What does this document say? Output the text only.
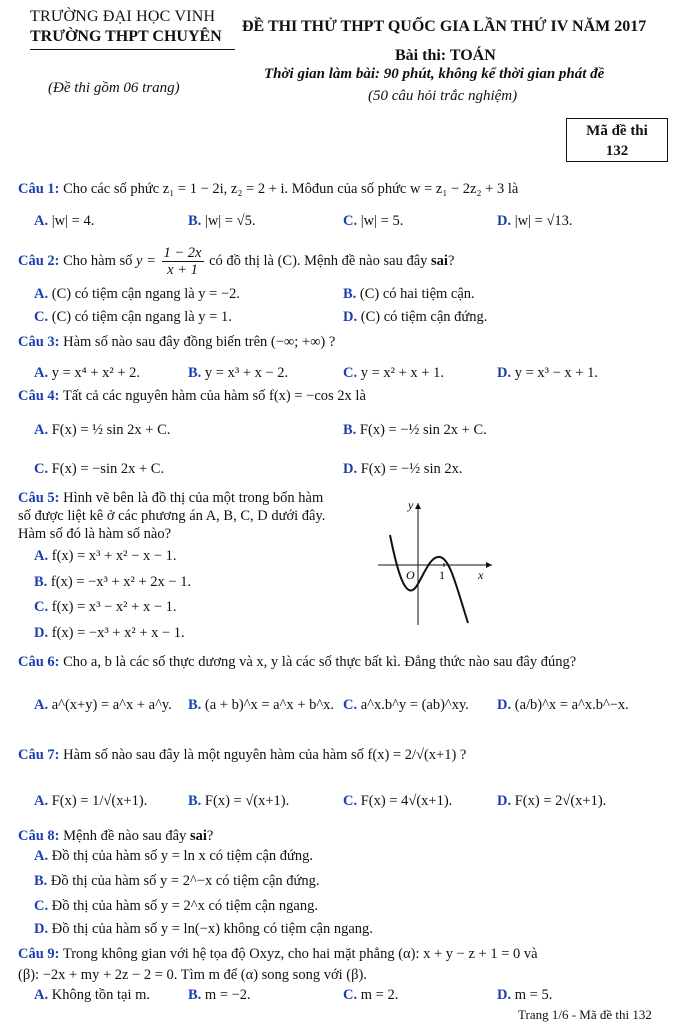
TRƯỜNG ĐẠI HỌC VINH
TRƯỜNG THPT CHUYÊN
(Đề thi gồm 06 trang)
ĐỀ THI THỬ THPT QUỐC GIA LẦN THỨ IV NĂM 2017
Bài thi: TOÁN
Thời gian làm bài: 90 phút, không kể thời gian phát đề
(50 câu hỏi trắc nghiệm)
Mã đề thi
132
Câu 1: Cho các số phức z₁ = 1 − 2i, z₂ = 2 + i. Môđun của số phức w = z₁ − 2z₂ + 3 là
A. |w| = 4.	B. |w| = √5.	C. |w| = 5.	D. |w| = √13.
Câu 2: Cho hàm số $y = \frac{1 - 2x}{x + 1}$ có đồ thị là (C). Mệnh đề nào sau đây sai?
A. (C) có tiệm cận ngang là y = −2.	B. (C) có hai tiệm cận.
C. (C) có tiệm cận ngang là y = 1.	D. (C) có tiệm cận đứng.
Câu 3: Hàm số nào sau đây đồng biến trên (−∞; +∞) ?
A. y = x⁴ + x² + 2.	B. y = x³ + x − 2.	C. y = x² + x + 1.	D. y = x³ − x + 1.
Câu 4: Tất cả các nguyên hàm của hàm số f(x) = −cos 2x là
A. F(x) = ½ sin 2x + C.	B. F(x) = −½ sin 2x + C.
C. F(x) = −sin 2x + C.	D. F(x) = −½ sin 2x.
Câu 5: Hình vẽ bên là đồ thị của một trong bốn hàm
số được liệt kê ở các phương án A, B, C, D dưới đây.
Hàm số đó là hàm số nào?
A. f(x) = x³ + x² − x − 1.
B. f(x) = −x³ + x² + 2x − 1.
C. f(x) = x³ − x² + x − 1.
D. f(x) = −x³ + x² + x − 1.
y
x
O 1
Câu 6: Cho a, b là các số thực dương và x, y là các số thực bất kì. Đẳng thức nào sau đây đúng?
A. a^(x+y) = a^x + a^y. B. (a + b)^x = a^x + b^x. C. a^x.b^y = (ab)^xy. D. (a/b)^x = a^x.b^−x.
Câu 7: Hàm số nào sau đây là một nguyên hàm của hàm số f(x) = 2/√(x+1) ?
A. F(x) = 1/√(x+1).	B. F(x) = √(x+1).	C. F(x) = 4√(x+1).	D. F(x) = 2√(x+1).
Câu 8: Mệnh đề nào sau đây sai?
A. Đồ thị của hàm số y = ln x có tiệm cận đứng.
B. Đồ thị của hàm số y = 2^−x có tiệm cận đứng.
C. Đồ thị của hàm số y = 2^x có tiệm cận ngang.
D. Đồ thị của hàm số y = ln(−x) không có tiệm cận ngang.
Câu 9: Trong không gian với hệ tọa độ Oxyz, cho hai mặt phẳng (α): x + y − z + 1 = 0 và
(β): −2x + my + 2z − 2 = 0. Tìm m để (α) song song với (β).
A. Không tồn tại m.	B. m = −2.	C. m = 2.	D. m = 5.
Trang 1/6 - Mã đề thi 132
